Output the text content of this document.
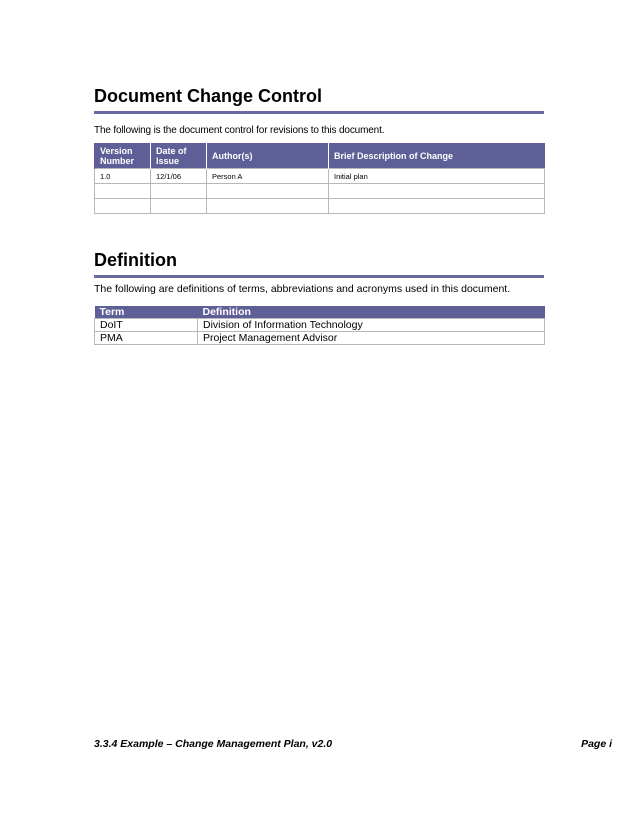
Document Change Control
The following is the document control for revisions to this document.
Version Number	Date of Issue	Author(s)	Brief Description of Change
1.0	12/1/06	Person A	Initial plan

Definition
The following are definitions of terms, abbreviations and acronyms used in this document.
Term	Definition
DoIT	Division of Information Technology
PMA	Project Management Advisor
3.3.4 Example – Change Management Plan, v2.0	Page i
